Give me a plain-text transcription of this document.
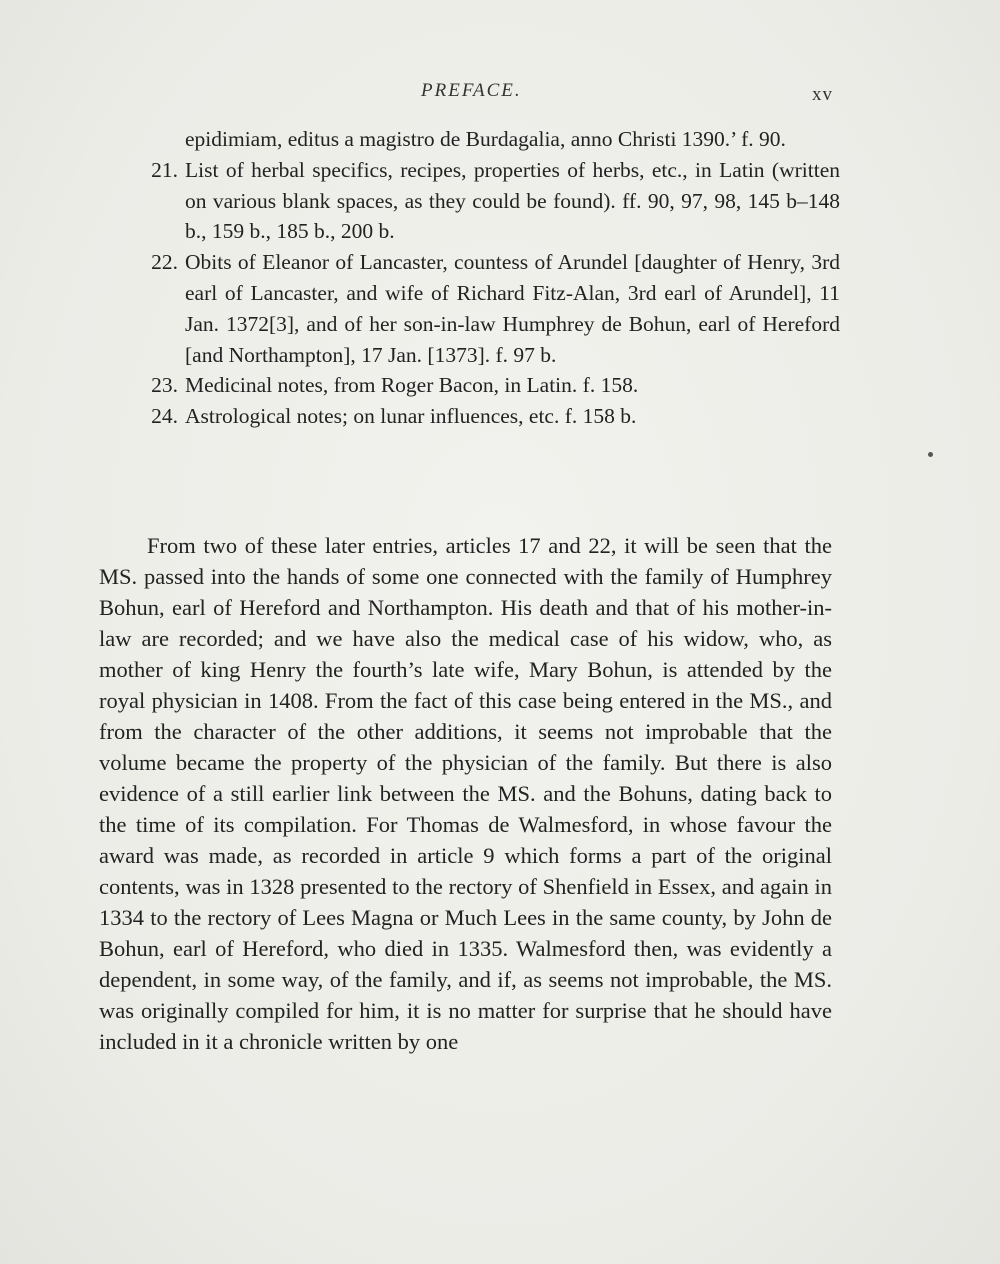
PREFACE.	xv
epidimiam, editus a magistro de Burdagalia, anno Christi 1390.’ f. 90.
21. List of herbal specifics, recipes, properties of herbs, etc., in Latin (written on various blank spaces, as they could be found). ff. 90, 97, 98, 145 b–148 b., 159 b., 185 b., 200 b.
22. Obits of Eleanor of Lancaster, countess of Arundel [daughter of Henry, 3rd earl of Lancaster, and wife of Richard Fitz-Alan, 3rd earl of Arundel], 11 Jan. 1372[3], and of her son-in-law Humphrey de Bohun, earl of Hereford [and Northampton], 17 Jan. [1373]. f. 97 b.
23. Medicinal notes, from Roger Bacon, in Latin. f. 158.
24. Astrological notes; on lunar influences, etc. f. 158 b.

From two of these later entries, articles 17 and 22, it will be seen that the MS. passed into the hands of some one connected with the family of Humphrey Bohun, earl of Hereford and Northampton. His death and that of his mother-in-law are recorded; and we have also the medical case of his widow, who, as mother of king Henry the fourth’s late wife, Mary Bohun, is attended by the royal physician in 1408. From the fact of this case being entered in the MS., and from the character of the other additions, it seems not improbable that the volume became the property of the physician of the family. But there is also evidence of a still earlier link between the MS. and the Bohuns, dating back to the time of its compilation. For Thomas de Walmesford, in whose favour the award was made, as recorded in article 9 which forms a part of the original contents, was in 1328 presented to the rectory of Shenfield in Essex, and again in 1334 to the rectory of Lees Magna or Much Lees in the same county, by John de Bohun, earl of Hereford, who died in 1335. Walmesford then, was evidently a dependent, in some way, of the family, and if, as seems not improbable, the MS. was originally compiled for him, it is no matter for surprise that he should have included in it a chronicle written by one
